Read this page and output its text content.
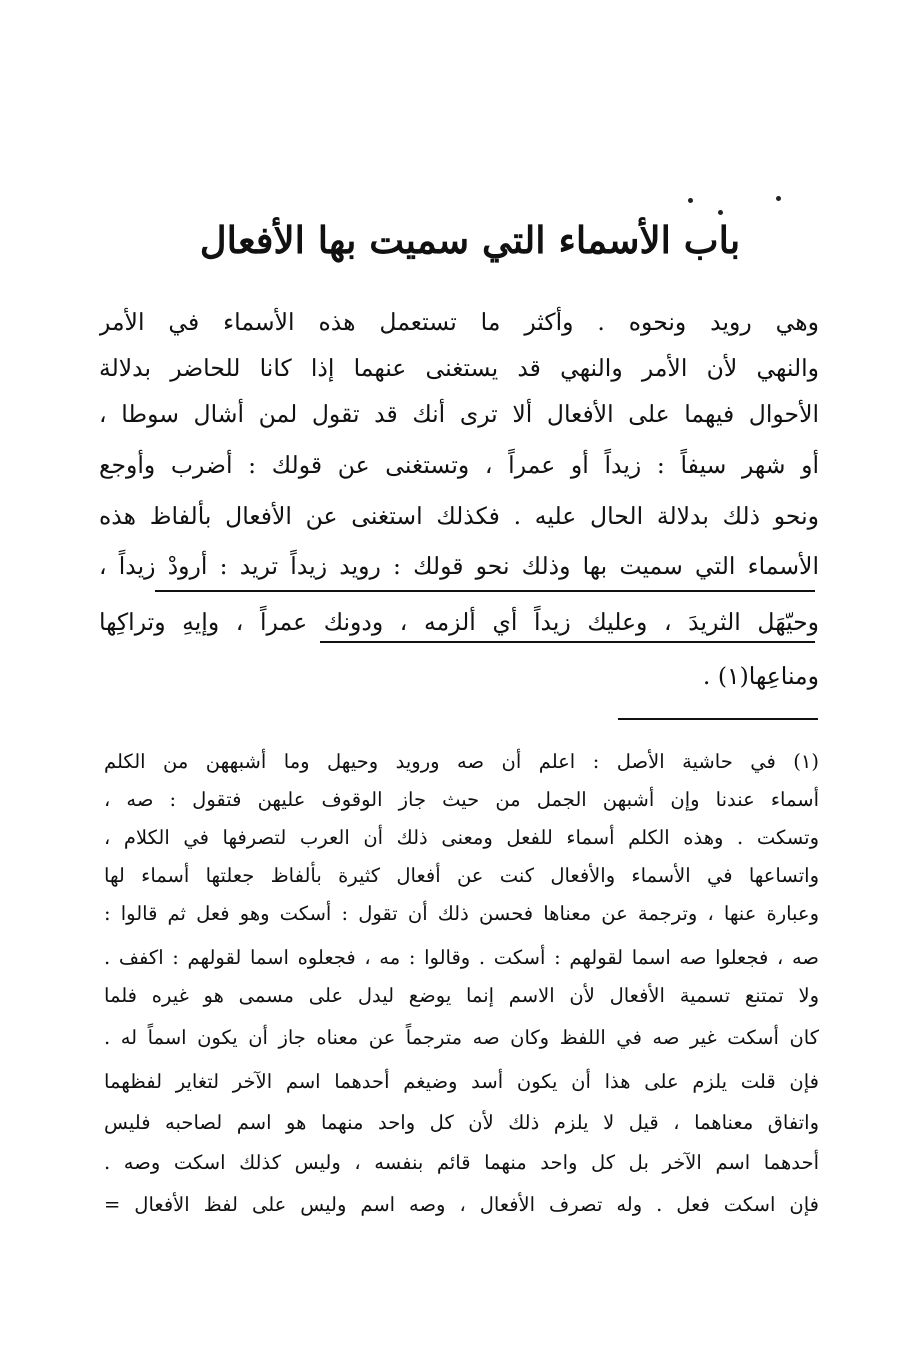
باب الأسماء التي سميت بها الأفعال
وهي رويد ونحوه . وأكثر ما تستعمل هذه الأسماء في الأمر
والنهي لأن الأمر والنهي قد يستغنى عنهما إذا كانا للحاضر بدلالة
الأحوال فيهما على الأفعال ألا ترى أنك قد تقول لمن أشال سوطا ،
أو شهر سيفاً : زيداً أو عمراً ، وتستغنى عن قولك : أضرب وأوجع
ونحو ذلك بدلالة الحال عليه . فكذلك استغنى عن الأفعال بألفاظ هذه
الأسماء التي سميت بها وذلك نحو قولك : رويد زيداً تريد : أرودْ زيداً ،
وحيّهَل الثريدَ ، وعليك زيداً أي ألزمه ، ودونك عمراً ، وإيهِ وتراكِها
ومناعِها(١) .
(١) في حاشية الأصل : اعلم أن صه ورويد وحيهل وما أشبههن من الكلم
أسماء عندنا وإن أشبهن الجمل من حيث جاز الوقوف عليهن فتقول : صه ،
وتسكت . وهذه الكلم أسماء للفعل ومعنى ذلك أن العرب لتصرفها في الكلام ،
واتساعها في الأسماء والأفعال كنت عن أفعال كثيرة بألفاظ جعلتها أسماء لها
وعبارة عنها ، وترجمة عن معناها فحسن ذلك أن تقول : أسكت وهو فعل ثم قالوا :
صه ، فجعلوا صه اسما لقولهم : أسكت . وقالوا : مه ، فجعلوه اسما لقولهم : اكفف .
ولا تمتنع تسمية الأفعال لأن الاسم إنما يوضع ليدل على مسمى هو غيره فلما
كان أسكت غير صه في اللفظ وكان صه مترجماً عن معناه جاز أن يكون اسماً له .
فإن قلت يلزم على هذا أن يكون أسد وضيغم أحدهما اسم الآخر لتغاير لفظهما
واتفاق معناهما ، قيل لا يلزم ذلك لأن كل واحد منهما هو اسم لصاحبه فليس
أحدهما اسم الآخر بل كل واحد منهما قائم بنفسه ، وليس كذلك اسكت وصه .
فإن اسكت فعل . وله تصرف الأفعال ، وصه اسم وليس على لفظ الأفعال =
